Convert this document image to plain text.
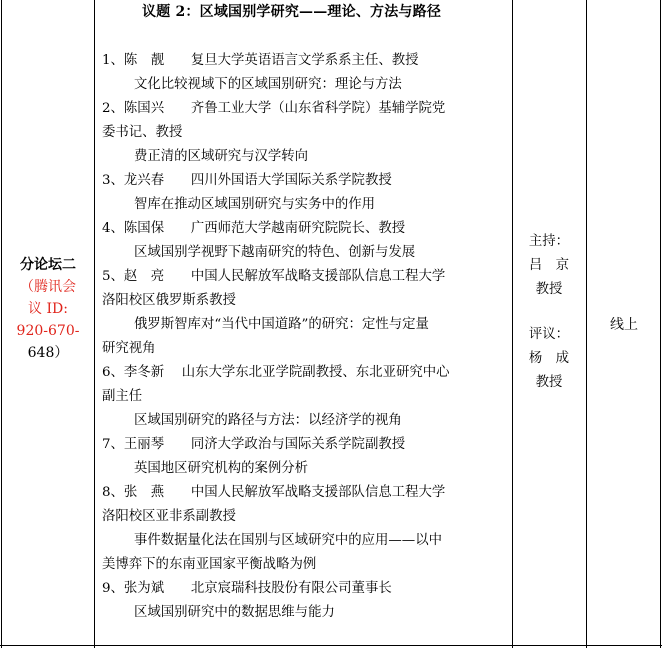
分论坛二
（腾讯会
议 ID:
920-670-
648）
议题 2：区域国别学研究——理论、方法与路径
1、陈　靓　　复旦大学英语语言文学系系主任、教授
文化比较视域下的区域国别研究：理论与方法
2、陈国兴　　齐鲁工业大学（山东省科学院）基辅学院党
委书记、教授
费正清的区域研究与汉学转向
3、龙兴春　　四川外国语大学国际关系学院教授
智库在推动区域国别研究与实务中的作用
4、陈国保　　广西师范大学越南研究院院长、教授
区域国别学视野下越南研究的特色、创新与发展
5、赵　亮　　中国人民解放军战略支援部队信息工程大学
洛阳校区俄罗斯系教授
俄罗斯智库对“当代中国道路”的研究：定性与定量
研究视角
6、李冬新　 山东大学东北亚学院副教授、东北亚研究中心
副主任
区域国别研究的路径与方法：以经济学的视角
7、王丽琴　　同济大学政治与国际关系学院副教授
英国地区研究机构的案例分析
8、张　燕　　中国人民解放军战略支援部队信息工程大学
洛阳校区亚非系副教授
事件数据量化法在国别与区域研究中的应用——以中
美博弈下的东南亚国家平衡战略为例
9、张为斌　　北京宸瑞科技股份有限公司董事长
区域国别研究中的数据思维与能力
主持：
吕　京
教授
评议：
杨　成
教授
线上
